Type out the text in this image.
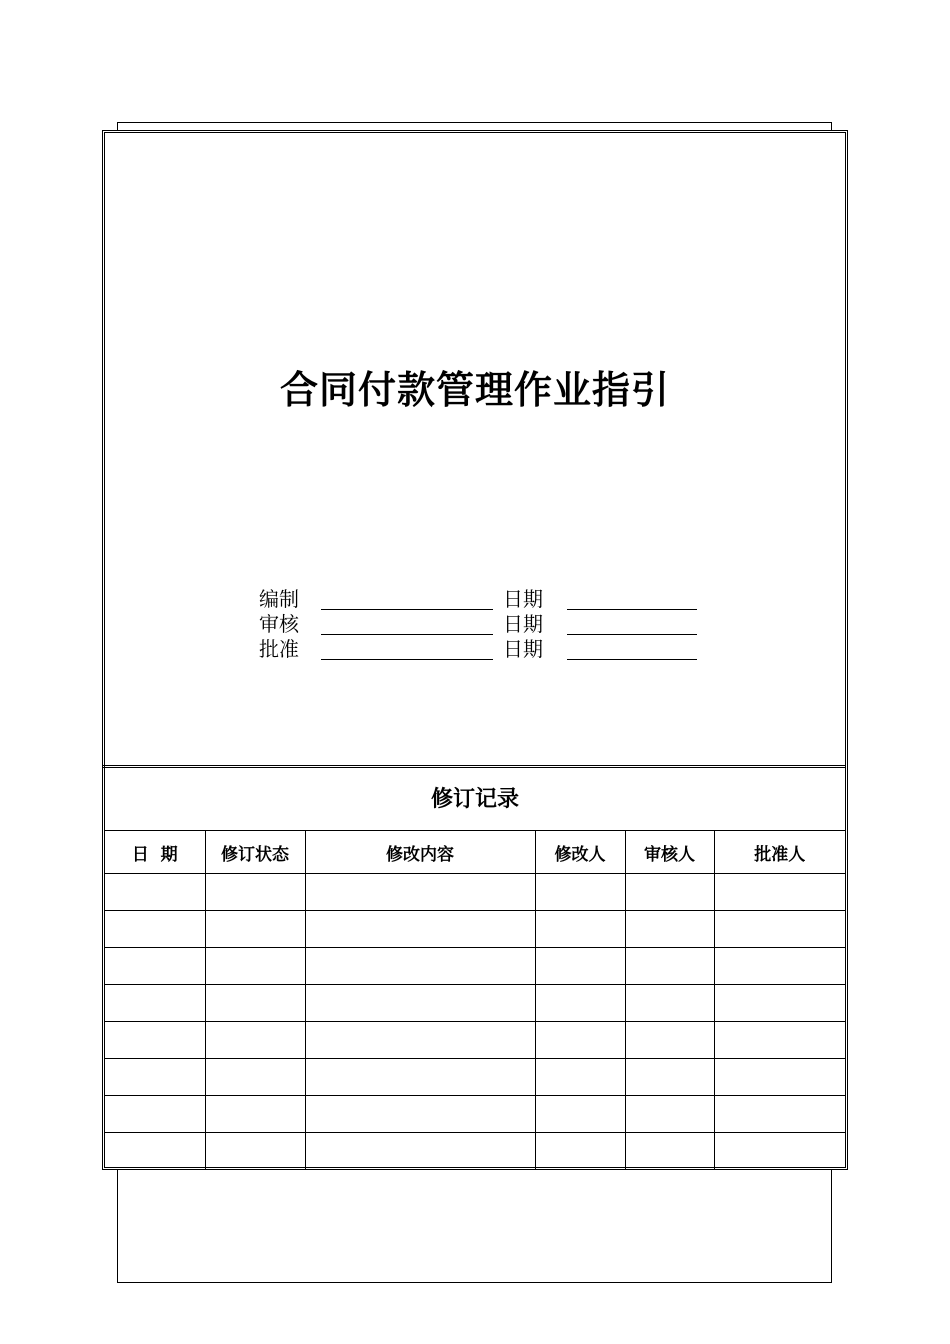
合同付款管理作业指引
编制	日期
审核	日期
批准	日期
修订记录
日  期	修订状态	修改内容	修改人	审核人	批准人
